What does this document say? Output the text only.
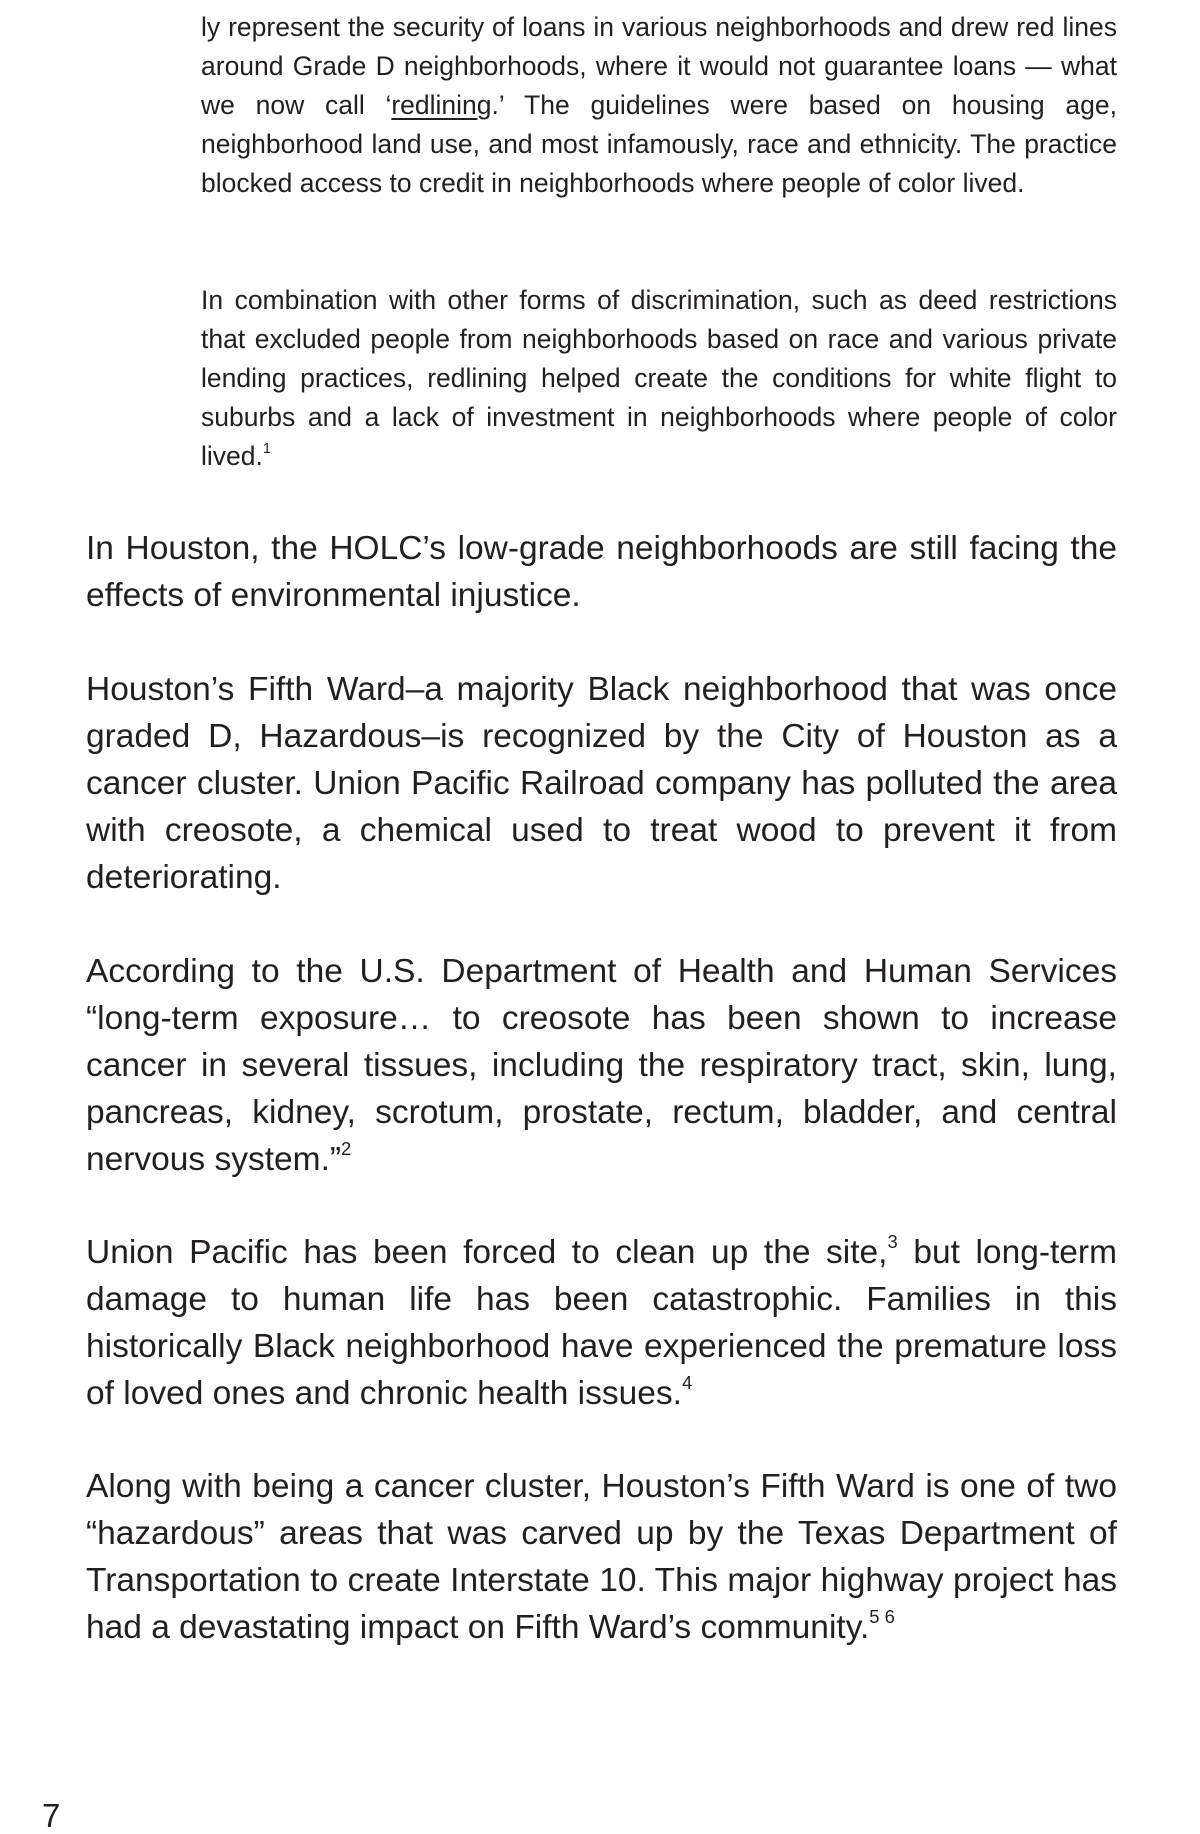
ly represent the security of loans in various neighborhoods and drew red lines around Grade D neighborhoods, where it would not guarantee loans — what we now call ‘redlining.’ The guidelines were based on housing age, neighborhood land use, and most infamously, race and ethnicity. The practice blocked access to credit in neighborhoods where people of color lived.

In combination with other forms of discrimination, such as deed restrictions that excluded people from neighborhoods based on race and various private lending practices, redlining helped create the conditions for white flight to suburbs and a lack of investment in neighborhoods where people of color lived.$^1$

In Houston, the HOLC’s low-grade neighborhoods are still facing the effects of environmental injustice.

Houston’s Fifth Ward–a majority Black neighborhood that was once graded D, Hazardous–is recognized by the City of Houston as a cancer cluster. Union Pacific Railroad company has polluted the area with creosote, a chemical used to treat wood to prevent it from deteriorating.

According to the U.S. Department of Health and Human Services “long-term exposure… to creosote has been shown to increase cancer in several tissues, including the respiratory tract, skin, lung, pancreas, kidney, scrotum, prostate, rectum, bladder, and central nervous system.”$^2$

Union Pacific has been forced to clean up the site,$^3$ but long-term damage to human life has been catastrophic. Families in this historically Black neighborhood have experienced the premature loss of loved ones and chronic health issues.$^4$

Along with being a cancer cluster, Houston’s Fifth Ward is one of two “hazardous” areas that was carved up by the Texas Department of Transportation to create Interstate 10. This major highway project has had a devastating impact on Fifth Ward’s community.$^{5 6}$

7
